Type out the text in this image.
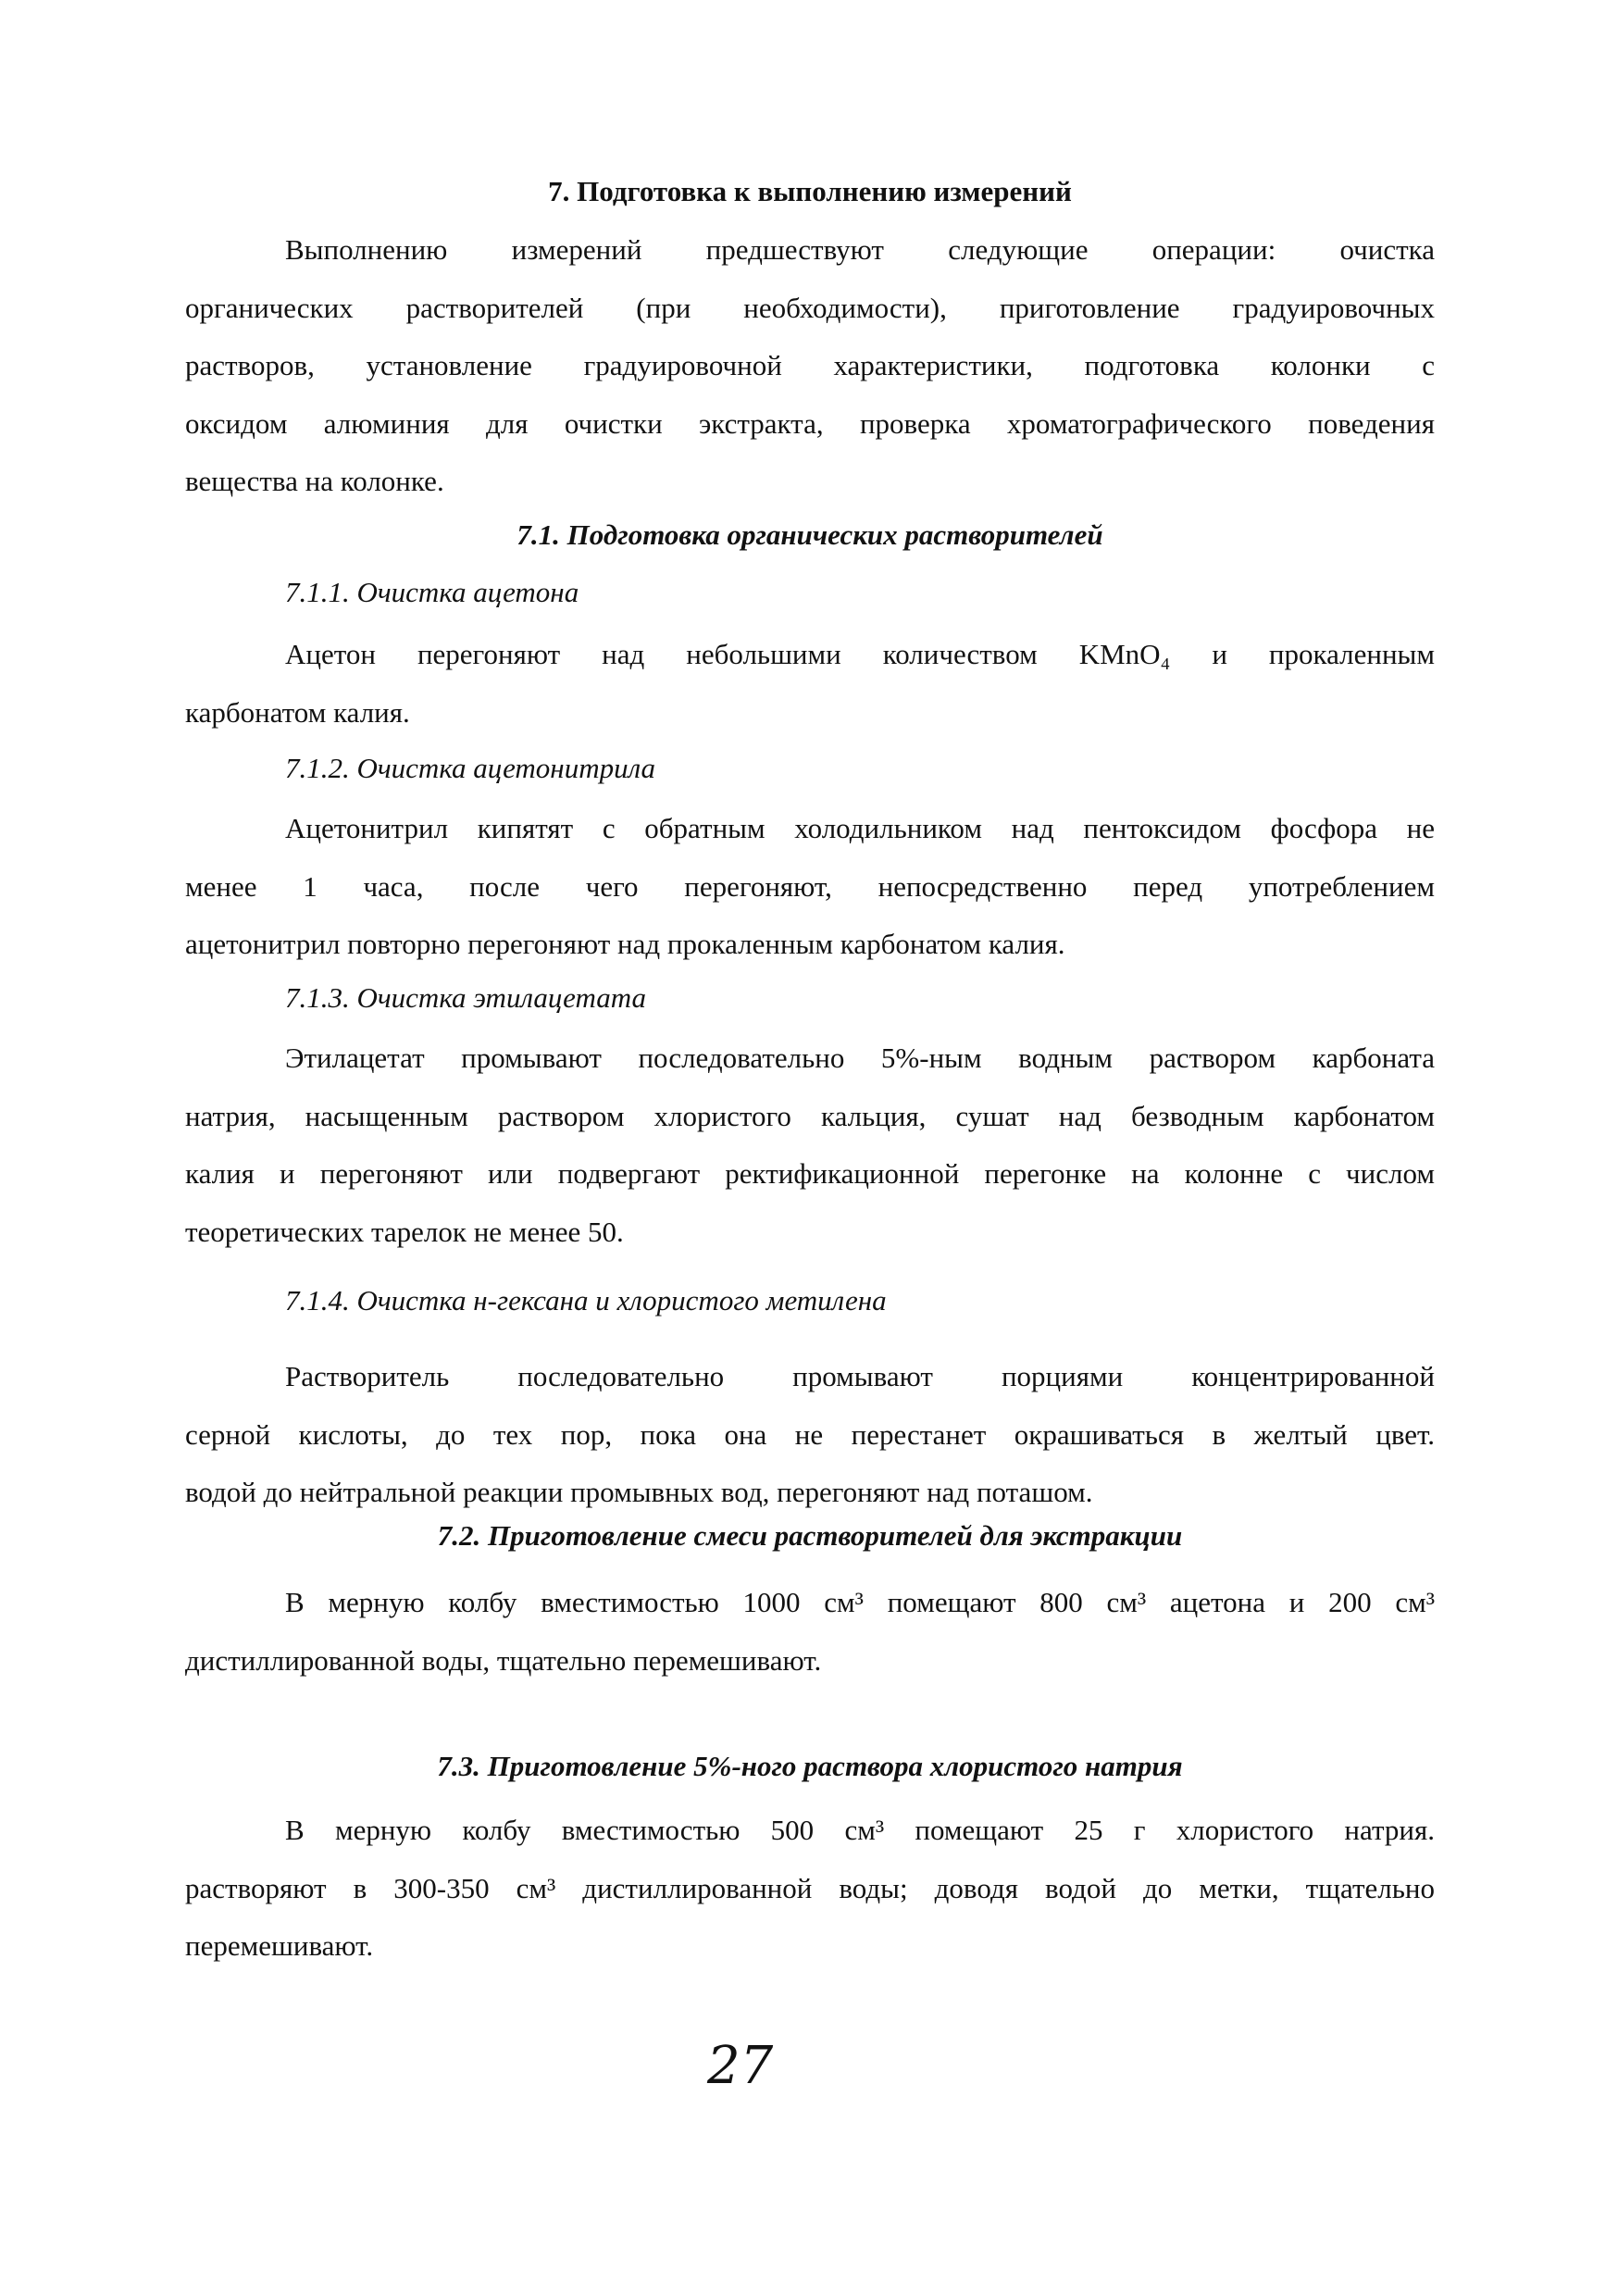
7. Подготовка к выполнению измерений
Выполнению измерений предшествуют следующие операции: очистка
органических растворителей (при необходимости), приготовление градуировочных
растворов, установление градуировочной характеристики, подготовка колонки с
оксидом алюминия для очистки экстракта, проверка хроматографического поведения
вещества на колонке.
7.1. Подготовка органических растворителей
7.1.1. Очистка ацетона
Ацетон перегоняют над небольшими количеством KMnO₄ и прокаленным
карбонатом калия.
7.1.2. Очистка ацетонитрила
Ацетонитрил кипятят с обратным холодильником над пентоксидом фосфора не
менее 1 часа, после чего перегоняют, непосредственно перед употреблением
ацетонитрил повторно перегоняют над прокаленным карбонатом калия.
7.1.3. Очистка этилацетата
Этилацетат промывают последовательно 5%-ным водным раствором карбоната
натрия, насыщенным раствором хлористого кальция, сушат над безводным карбонатом
калия и перегоняют или подвергают ректификационной перегонке на колонне с числом
теоретических тарелок не менее 50.
7.1.4. Очистка н-гексана и хлористого метилена
Растворитель последовательно промывают порциями концентрированной
серной кислоты, до тех пор, пока она не перестанет окрашиваться в желтый цвет.
водой до нейтральной реакции промывных вод, перегоняют над поташом.
7.2. Приготовление смеси растворителей для экстракции
В мерную колбу вместимостью 1000 см³ помещают 800 см³ ацетона и 200 см³
дистиллированной воды, тщательно перемешивают.
7.3. Приготовление 5%-ного раствора хлористого натрия
В мерную колбу вместимостью 500 см³ помещают 25 г хлористого натрия.
растворяют в 300-350 см³ дистиллированной воды; доводя водой до метки, тщательно
перемешивают.
27
